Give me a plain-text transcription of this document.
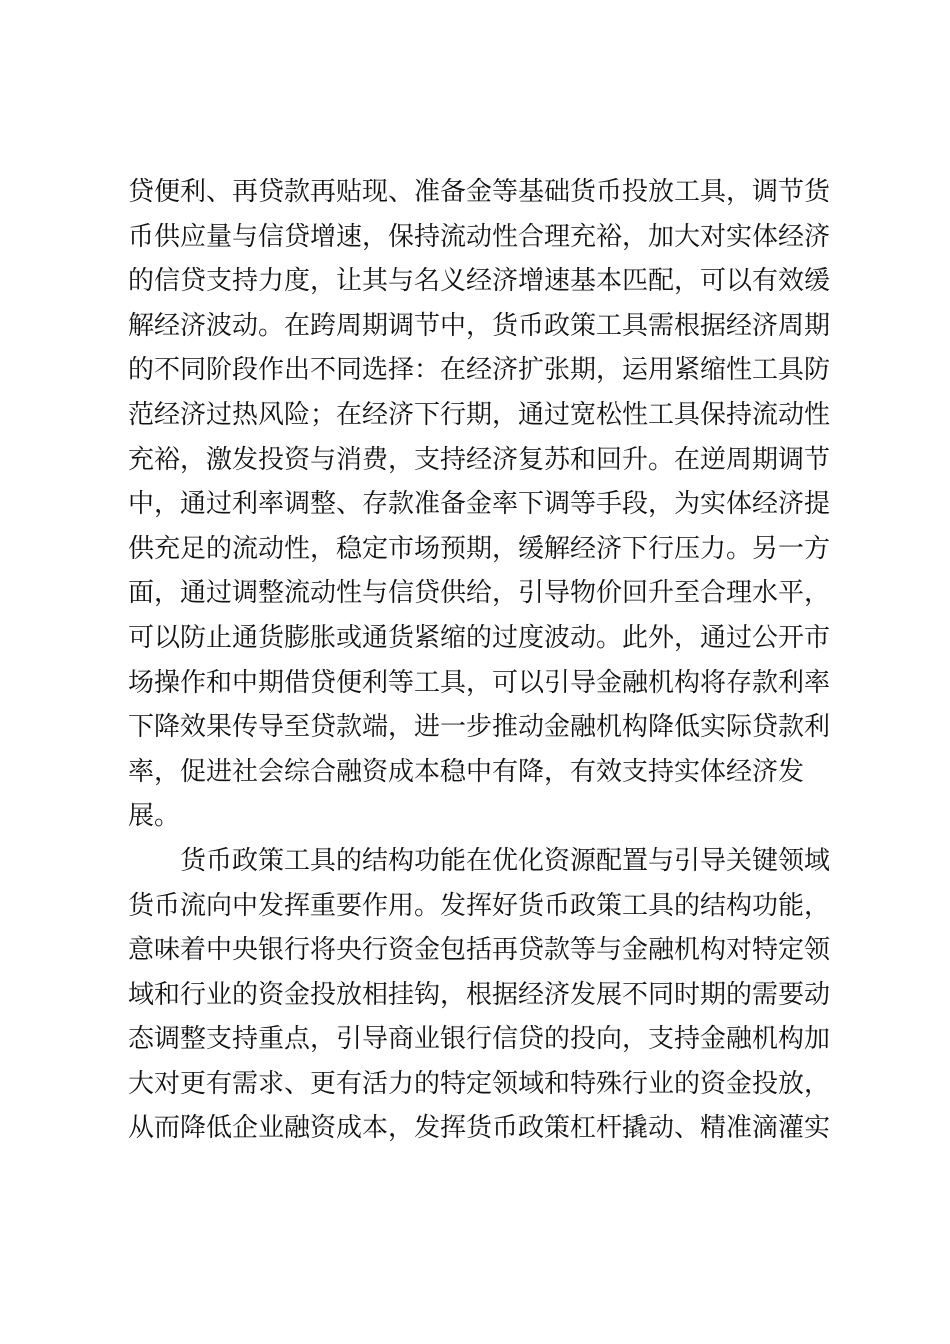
贷便利、再贷款再贴现、准备金等基础货币投放工具，调节货
币供应量与信贷增速，保持流动性合理充裕，加大对实体经济
的信贷支持力度，让其与名义经济增速基本匹配，可以有效缓
解经济波动。在跨周期调节中，货币政策工具需根据经济周期
的不同阶段作出不同选择：在经济扩张期，运用紧缩性工具防
范经济过热风险；在经济下行期，通过宽松性工具保持流动性
充裕，激发投资与消费，支持经济复苏和回升。在逆周期调节
中，通过利率调整、存款准备金率下调等手段，为实体经济提
供充足的流动性，稳定市场预期，缓解经济下行压力。另一方
面，通过调整流动性与信贷供给，引导物价回升至合理水平，
可以防止通货膨胀或通货紧缩的过度波动。此外，通过公开市
场操作和中期借贷便利等工具，可以引导金融机构将存款利率
下降效果传导至贷款端，进一步推动金融机构降低实际贷款利
率，促进社会综合融资成本稳中有降，有效支持实体经济发
展。
货币政策工具的结构功能在优化资源配置与引导关键领域
货币流向中发挥重要作用。发挥好货币政策工具的结构功能，
意味着中央银行将央行资金包括再贷款等与金融机构对特定领
域和行业的资金投放相挂钩，根据经济发展不同时期的需要动
态调整支持重点，引导商业银行信贷的投向，支持金融机构加
大对更有需求、更有活力的特定领域和特殊行业的资金投放，
从而降低企业融资成本，发挥货币政策杠杆撬动、精准滴灌实
